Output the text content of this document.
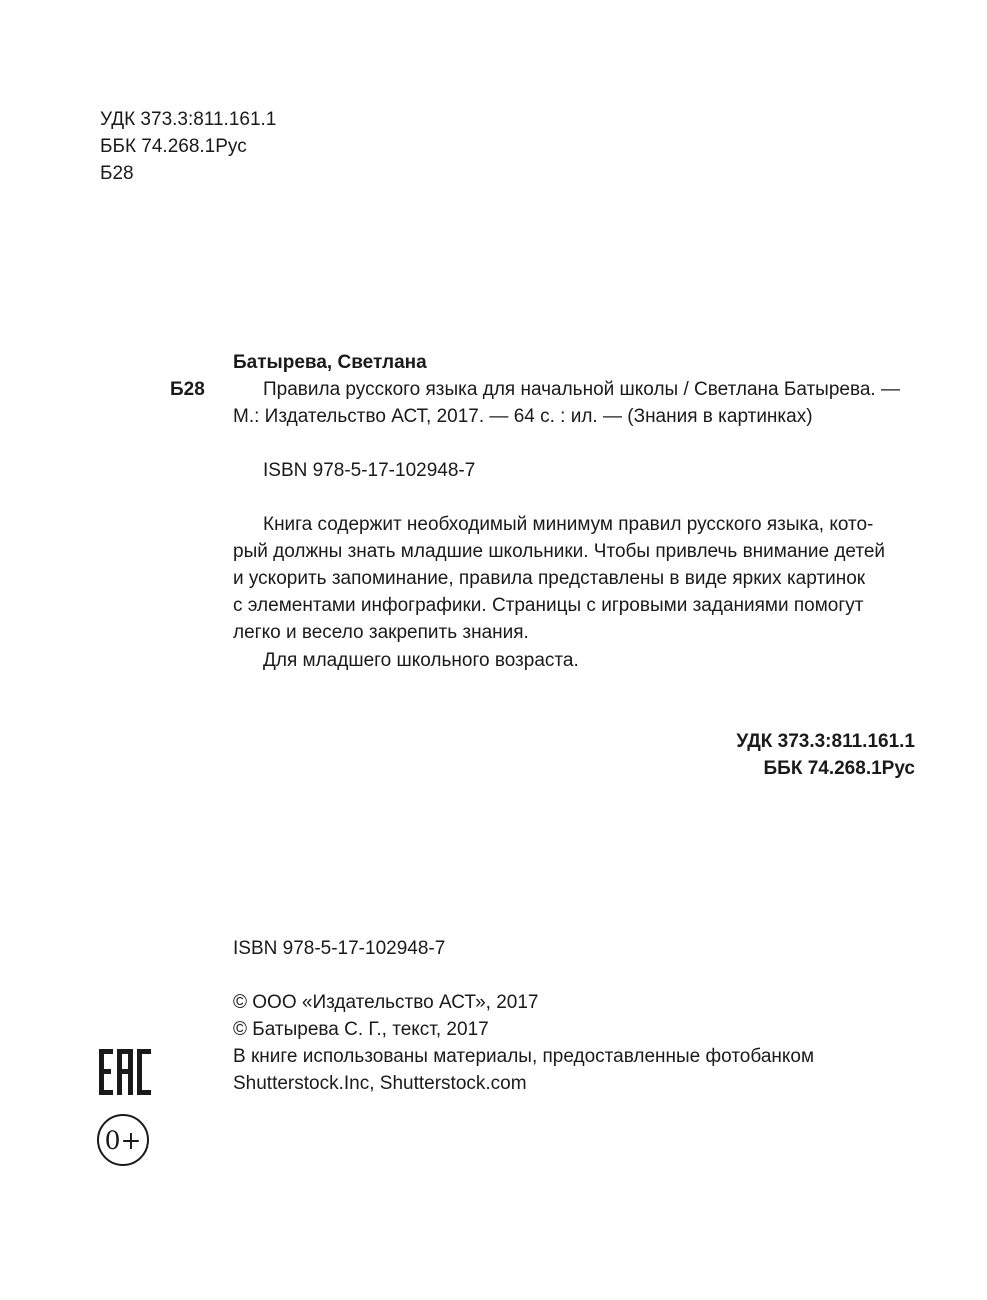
УДК 373.3:811.161.1
ББК 74.268.1Рус
Б28
Батырева, Светлана
Б28	Правила русского языка для начальной школы / Светлана Батырева. —
М.: Издательство АСТ, 2017. — 64 с. : ил. — (Знания в картинках)
ISBN 978-5-17-102948-7
Книга содержит необходимый минимум правил русского языка, кото-
рый должны знать младшие школьники. Чтобы привлечь внимание детей
и ускорить запоминание, правила представлены в виде ярких картинок
с элементами инфографики. Страницы с игровыми заданиями помогут
легко и весело закрепить знания.
Для младшего школьного возраста.
УДК 373.3:811.161.1
ББК 74.268.1Рус
ISBN 978-5-17-102948-7
© ООО «Издательство АСТ», 2017
© Батырева С. Г., текст, 2017
В книге использованы материалы, предоставленные фотобанком
Shutterstock.Inc, Shutterstock.com
0+
